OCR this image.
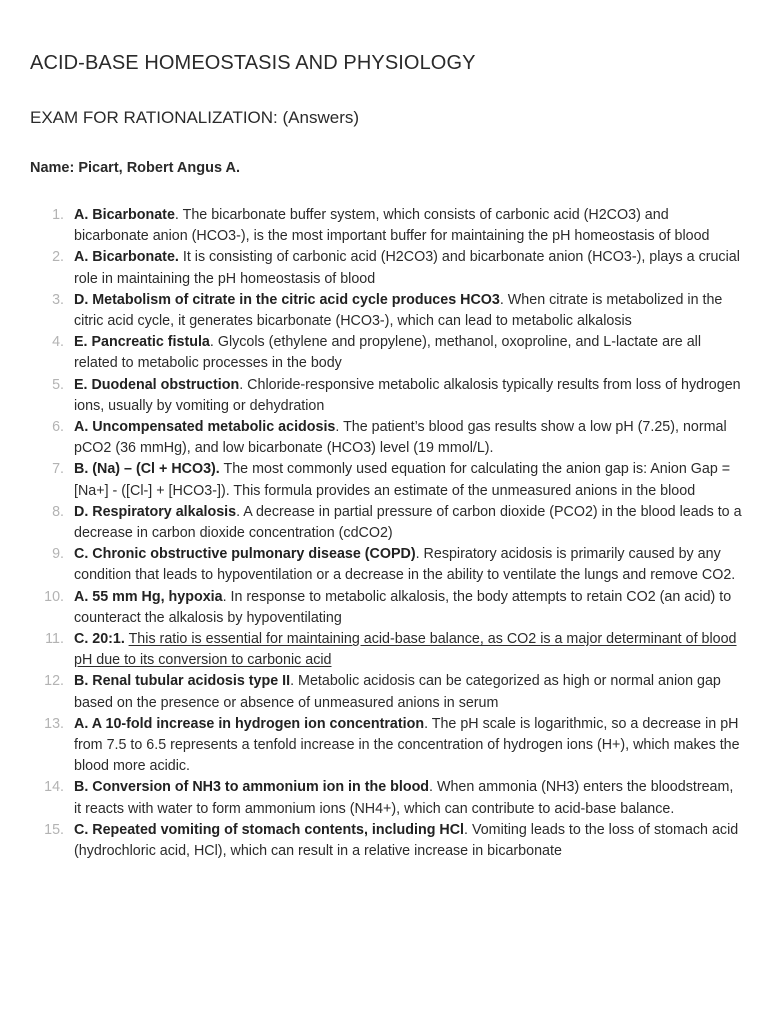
ACID-BASE HOMEOSTASIS AND PHYSIOLOGY
EXAM FOR RATIONALIZATION: (Answers)

Name: Picart, Robert Angus A.

1. A. Bicarbonate. The bicarbonate buffer system, which consists of carbonic acid (H2CO3) and bicarbonate anion (HCO3-), is the most important buffer for maintaining the pH homeostasis of blood
2. A. Bicarbonate. It is consisting of carbonic acid (H2CO3) and bicarbonate anion (HCO3-), plays a crucial role in maintaining the pH homeostasis of blood
3. D. Metabolism of citrate in the citric acid cycle produces HCO3. When citrate is metabolized in the citric acid cycle, it generates bicarbonate (HCO3-), which can lead to metabolic alkalosis
4. E. Pancreatic fistula. Glycols (ethylene and propylene), methanol, oxoproline, and L-lactate are all related to metabolic processes in the body
5. E. Duodenal obstruction. Chloride-responsive metabolic alkalosis typically results from loss of hydrogen ions, usually by vomiting or dehydration
6. A. Uncompensated metabolic acidosis. The patient’s blood gas results show a low pH (7.25), normal pCO2 (36 mmHg), and low bicarbonate (HCO3) level (19 mmol/L).
7. B. (Na) – (Cl + HCO3). The most commonly used equation for calculating the anion gap is: Anion Gap = [Na+] - ([Cl-] + [HCO3-]). This formula provides an estimate of the unmeasured anions in the blood
8. D. Respiratory alkalosis. A decrease in partial pressure of carbon dioxide (PCO2) in the blood leads to a decrease in carbon dioxide concentration (cdCO2)
9. C. Chronic obstructive pulmonary disease (COPD). Respiratory acidosis is primarily caused by any condition that leads to hypoventilation or a decrease in the ability to ventilate the lungs and remove CO2.
10. A. 55 mm Hg, hypoxia. In response to metabolic alkalosis, the body attempts to retain CO2 (an acid) to counteract the alkalosis by hypoventilating
11. C. 20:1. This ratio is essential for maintaining acid-base balance, as CO2 is a major determinant of blood pH due to its conversion to carbonic acid
12. B. Renal tubular acidosis type II. Metabolic acidosis can be categorized as high or normal anion gap based on the presence or absence of unmeasured anions in serum
13. A. A 10-fold increase in hydrogen ion concentration. The pH scale is logarithmic, so a decrease in pH from 7.5 to 6.5 represents a tenfold increase in the concentration of hydrogen ions (H+), which makes the blood more acidic.
14. B. Conversion of NH3 to ammonium ion in the blood. When ammonia (NH3) enters the bloodstream, it reacts with water to form ammonium ions (NH4+), which can contribute to acid-base balance.
15. C. Repeated vomiting of stomach contents, including HCl. Vomiting leads to the loss of stomach acid (hydrochloric acid, HCl), which can result in a relative increase in bicarbonate
